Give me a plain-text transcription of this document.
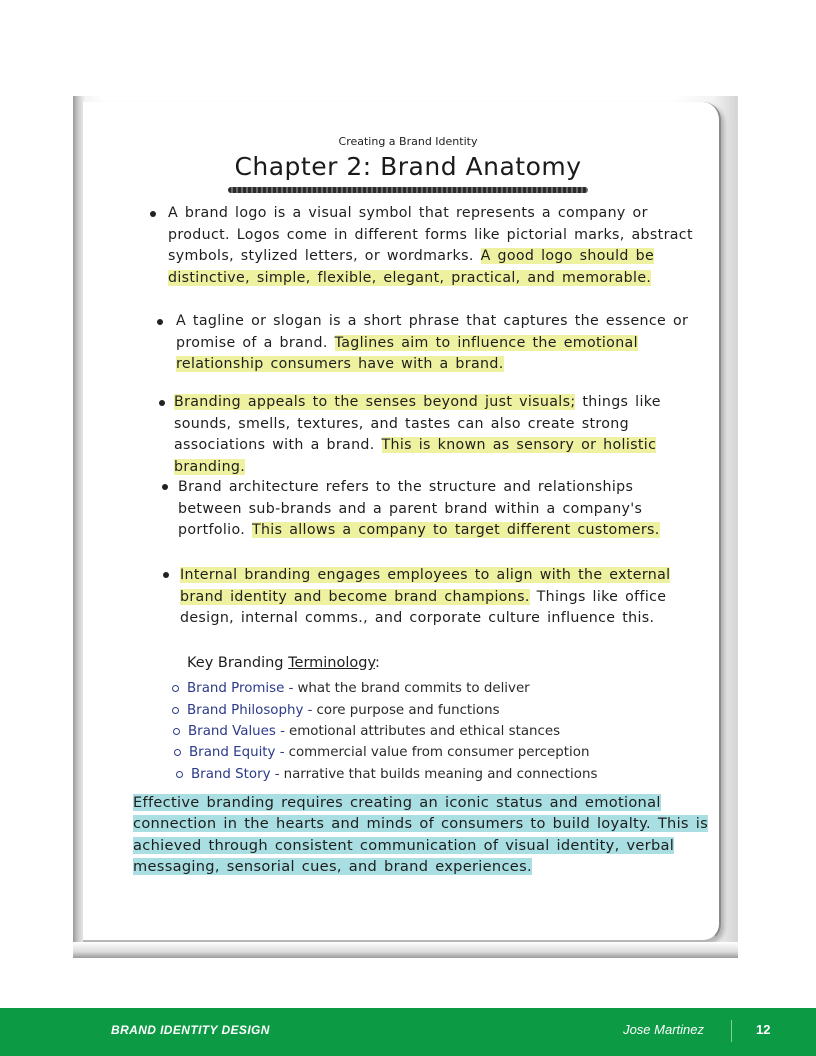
Creating a Brand Identity
Chapter 2: Brand Anatomy
A brand logo is a visual symbol that represents a company or product. Logos come in different forms like pictorial marks, abstract symbols, stylized letters, or wordmarks. A good logo should be distinctive, simple, flexible, elegant, practical, and memorable.
A tagline or slogan is a short phrase that captures the essence or promise of a brand. Taglines aim to influence the emotional relationship consumers have with a brand.
Branding appeals to the senses beyond just visuals; things like sounds, smells, textures, and tastes can also create strong associations with a brand. This is known as sensory or holistic branding.
Brand architecture refers to the structure and relationships between sub-brands and a parent brand within a company's portfolio. This allows a company to target different customers.
Internal branding engages employees to align with the external brand identity and become brand champions. Things like office design, internal comms., and corporate culture influence this.
Key Branding Terminology:
Brand Promise - what the brand commits to deliver
Brand Philosophy - core purpose and functions
Brand Values - emotional attributes and ethical stances
Brand Equity - commercial value from consumer perception
Brand Story - narrative that builds meaning and connections
Effective branding requires creating an iconic status and emotional connection in the hearts and minds of consumers to build loyalty. This is achieved through consistent communication of visual identity, verbal messaging, sensorial cues, and brand experiences.
BRAND IDENTITY DESIGN	Jose Martinez	12
